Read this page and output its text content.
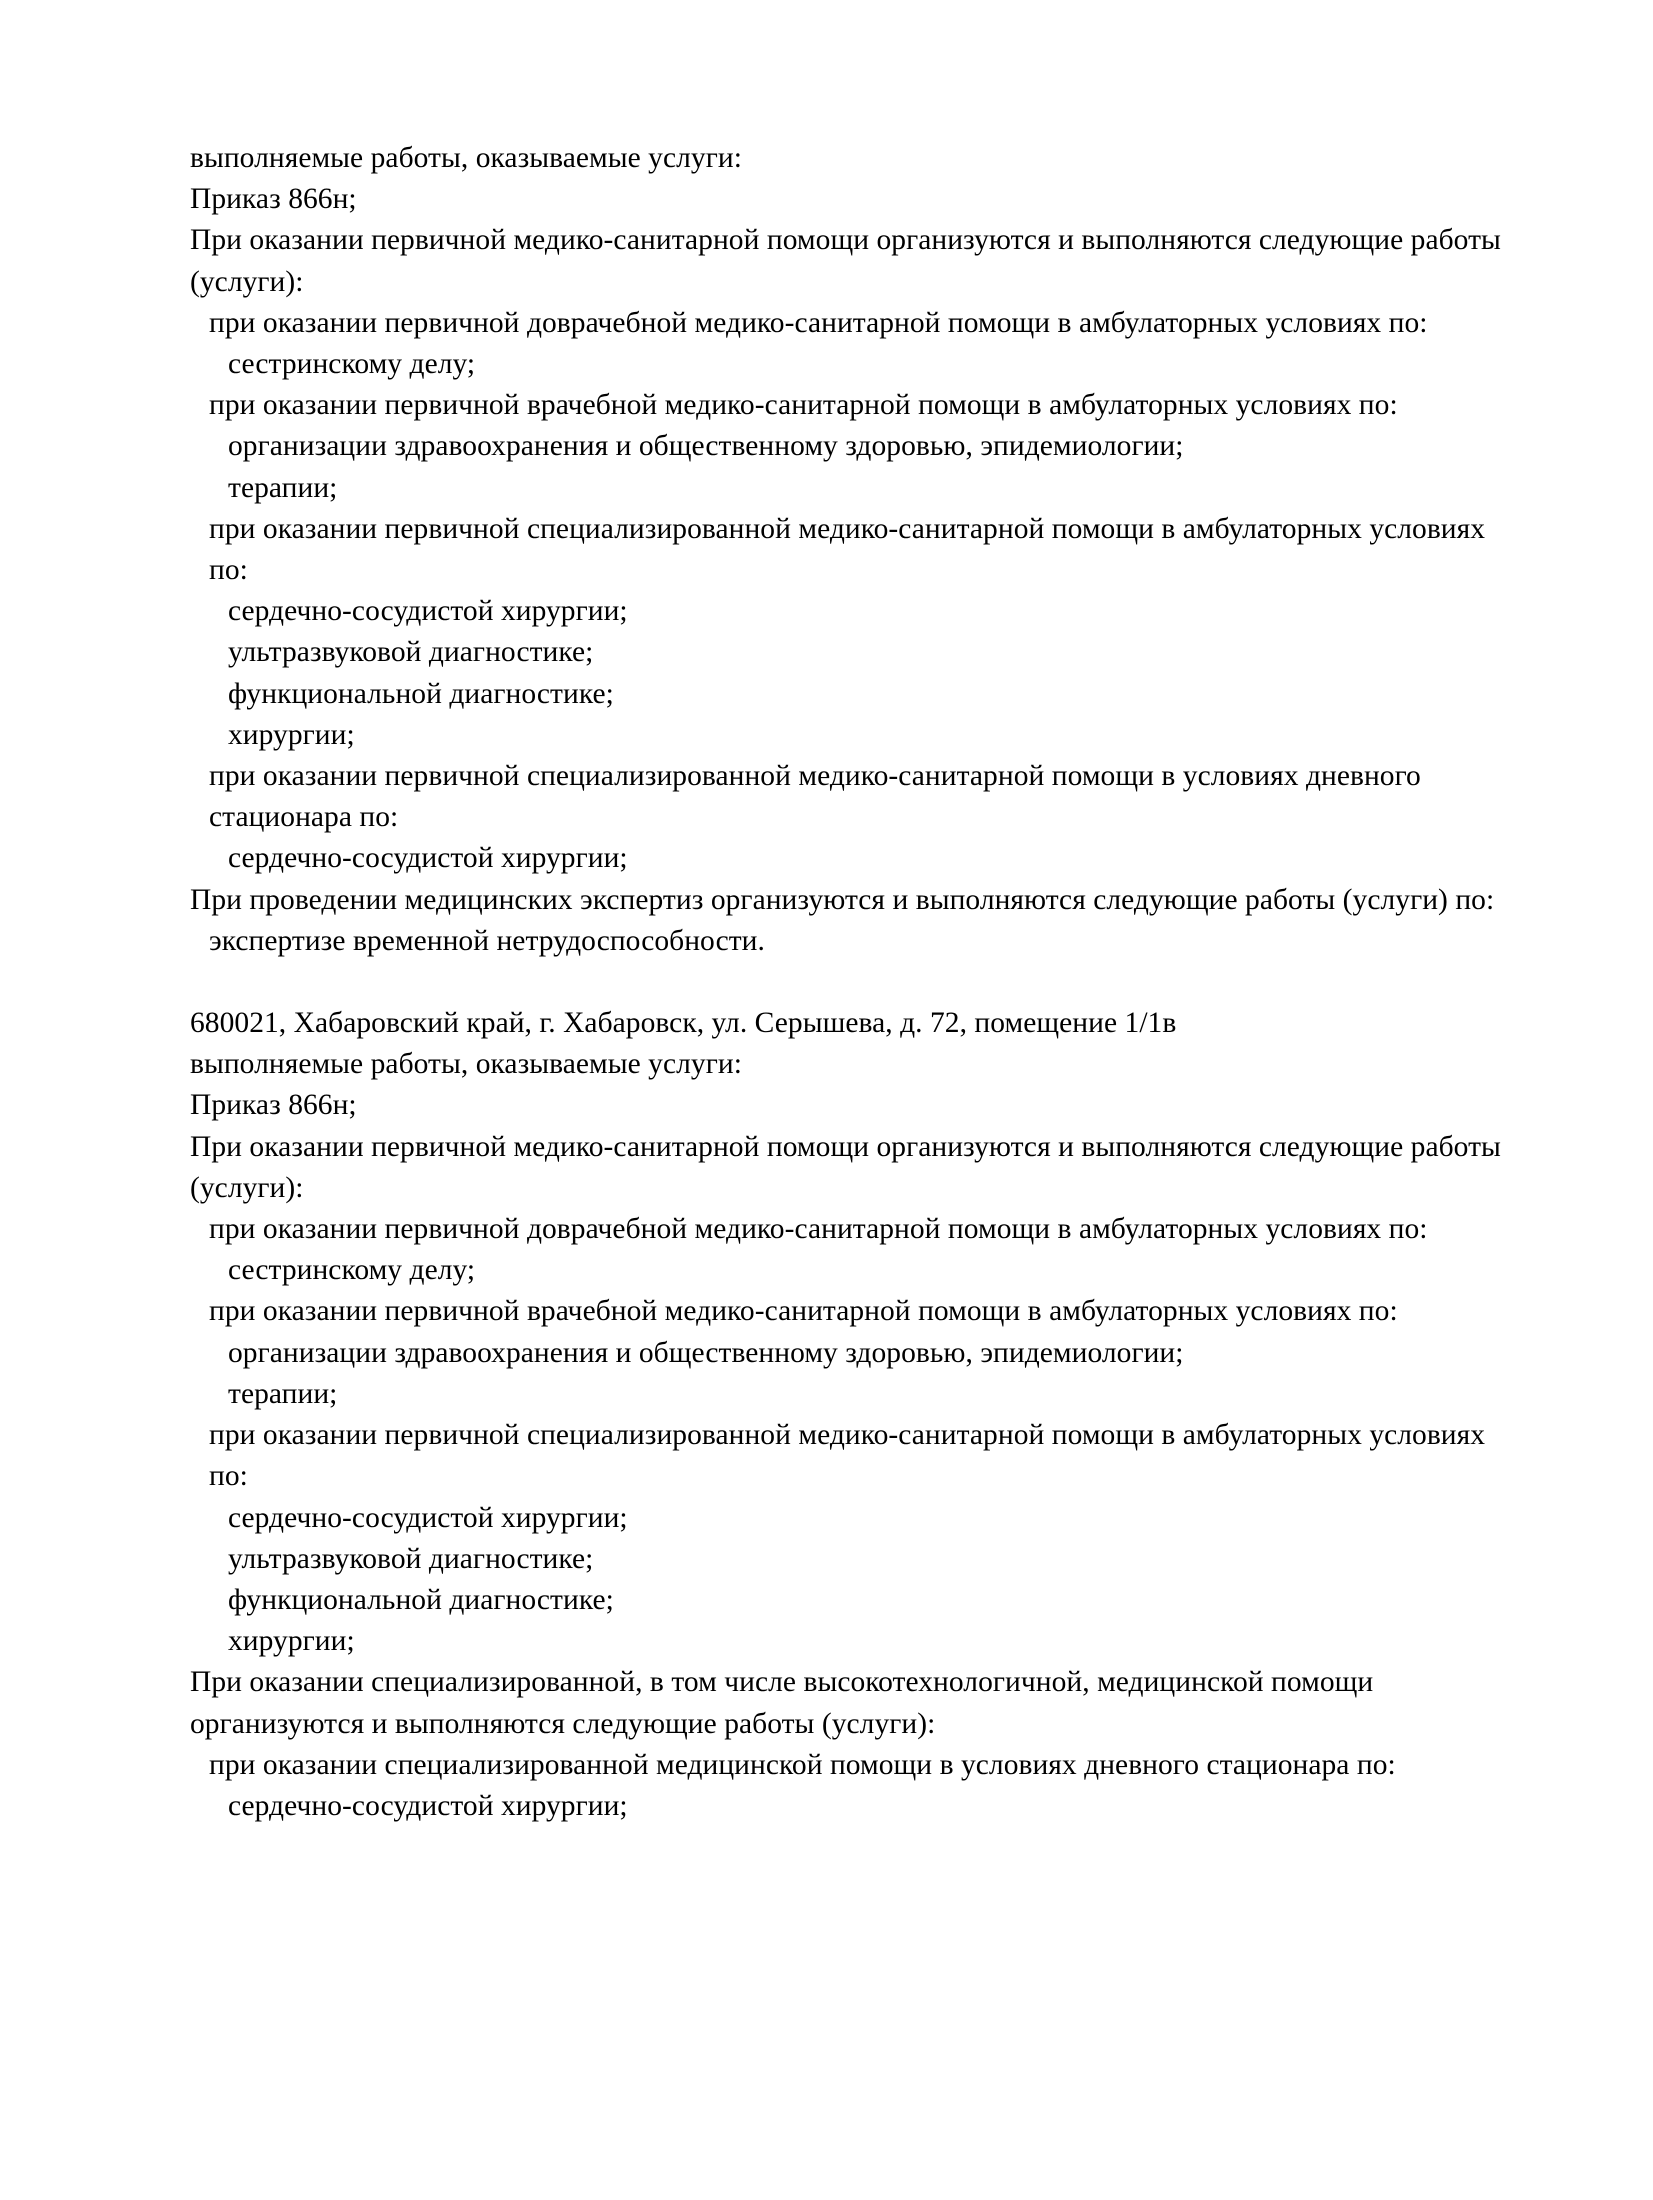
выполняемые работы, оказываемые услуги:

Приказ 866н;

При оказании первичной медико-санитарной помощи организуются и выполняются следующие работы (услуги):

при оказании первичной доврачебной медико-санитарной помощи в амбулаторных условиях по:

сестринскому делу;

при оказании первичной врачебной медико-санитарной помощи в амбулаторных условиях по:

организации здравоохранения и общественному здоровью, эпидемиологии;

терапии;

при оказании первичной специализированной медико-санитарной помощи в амбулаторных условиях по:

сердечно-сосудистой хирургии;

ультразвуковой диагностике;

функциональной диагностике;

хирургии;

при оказании первичной специализированной медико-санитарной помощи в условиях дневного стационара по:

сердечно-сосудистой хирургии;

При проведении медицинских экспертиз организуются и выполняются следующие работы (услуги) по:

экспертизе временной нетрудоспособности.

680021, Хабаровский край, г. Хабаровск, ул. Серышева, д. 72, помещение 1/1в

выполняемые работы, оказываемые услуги:

Приказ 866н;

При оказании первичной медико-санитарной помощи организуются и выполняются следующие работы (услуги):

при оказании первичной доврачебной медико-санитарной помощи в амбулаторных условиях по:

сестринскому делу;

при оказании первичной врачебной медико-санитарной помощи в амбулаторных условиях по:

организации здравоохранения и общественному здоровью, эпидемиологии;

терапии;

при оказании первичной специализированной медико-санитарной помощи в амбулаторных условиях по:

сердечно-сосудистой хирургии;

ультразвуковой диагностике;

функциональной диагностике;

хирургии;

При оказании специализированной, в том числе высокотехнологичной, медицинской помощи организуются и выполняются следующие работы (услуги):

при оказании специализированной медицинской помощи в условиях дневного стационара по:

сердечно-сосудистой хирургии;
